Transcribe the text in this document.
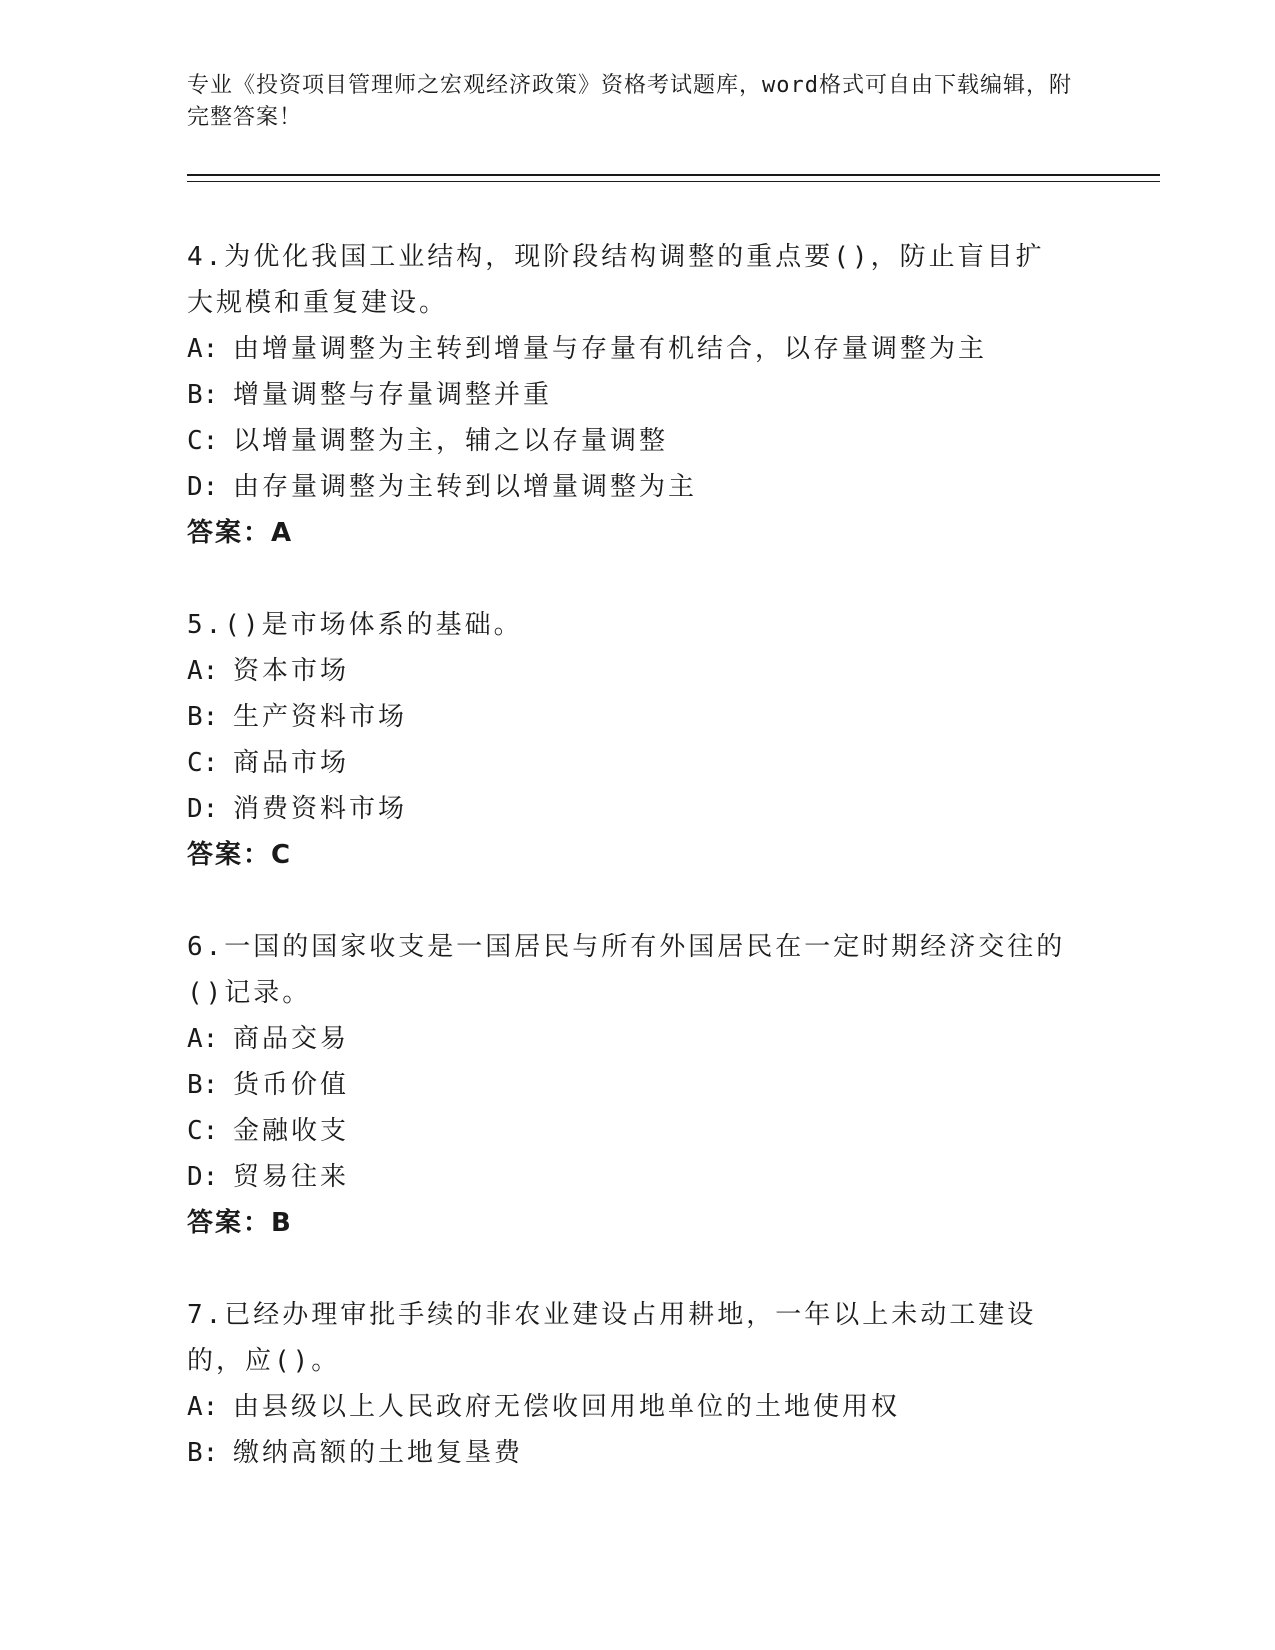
专业《投资项目管理师之宏观经济政策》资格考试题库，word格式可自由下载编辑，附完整答案！

4.为优化我国工业结构，现阶段结构调整的重点要()，防止盲目扩大规模和重复建设。

A: 由增量调整为主转到增量与存量有机结合，以存量调整为主

B: 增量调整与存量调整并重

C: 以增量调整为主，辅之以存量调整

D: 由存量调整为主转到以增量调整为主

答案：A

5.()是市场体系的基础。

A: 资本市场

B: 生产资料市场

C: 商品市场

D: 消费资料市场

答案：C

6.一国的国家收支是一国居民与所有外国居民在一定时期经济交往的()记录。

A: 商品交易

B: 货币价值

C: 金融收支

D: 贸易往来

答案：B

7.已经办理审批手续的非农业建设占用耕地，一年以上未动工建设的，应()。

A: 由县级以上人民政府无偿收回用地单位的土地使用权

B: 缴纳高额的土地复垦费
